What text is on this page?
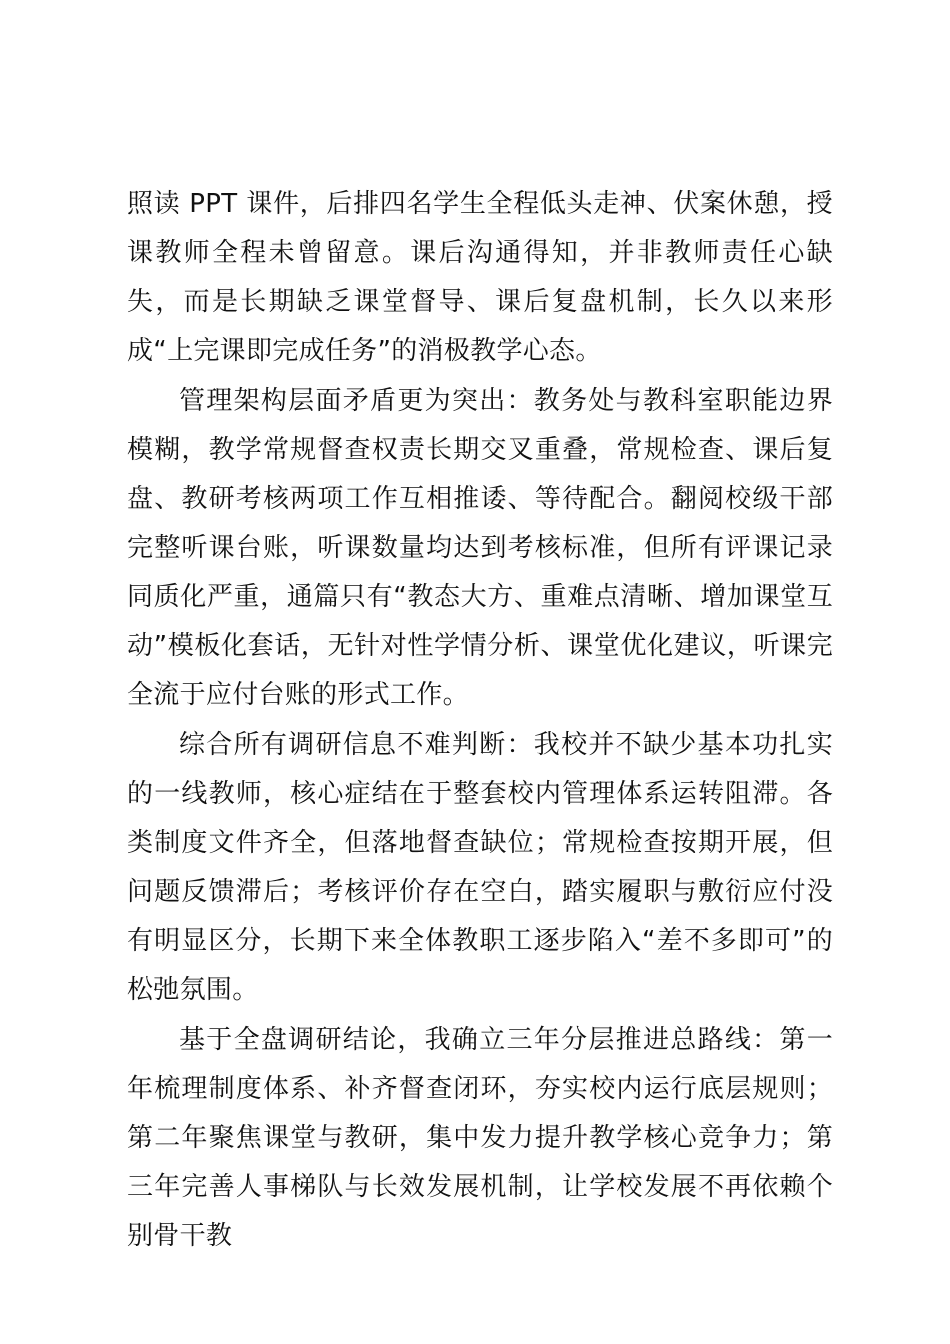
照读 PPT 课件，后排四名学生全程低头走神、伏案休憩，授课教师全程未曾留意。课后沟通得知，并非教师责任心缺失，而是长期缺乏课堂督导、课后复盘机制，长久以来形成“上完课即完成任务”的消极教学心态。

管理架构层面矛盾更为突出：教务处与教科室职能边界模糊，教学常规督查权责长期交叉重叠，常规检查、课后复盘、教研考核两项工作互相推诿、等待配合。翻阅校级干部完整听课台账，听课数量均达到考核标准，但所有评课记录同质化严重，通篇只有“教态大方、重难点清晰、增加课堂互动”模板化套话，无针对性学情分析、课堂优化建议，听课完全流于应付台账的形式工作。

综合所有调研信息不难判断：我校并不缺少基本功扎实的一线教师，核心症结在于整套校内管理体系运转阻滞。各类制度文件齐全，但落地督查缺位；常规检查按期开展，但问题反馈滞后；考核评价存在空白，踏实履职与敷衍应付没有明显区分，长期下来全体教职工逐步陷入“差不多即可”的松弛氛围。

基于全盘调研结论，我确立三年分层推进总路线：第一年梳理制度体系、补齐督查闭环，夯实校内运行底层规则；第二年聚焦课堂与教研，集中发力提升教学核心竞争力；第三年完善人事梯队与长效发展机制，让学校发展不再依赖个别骨干教
